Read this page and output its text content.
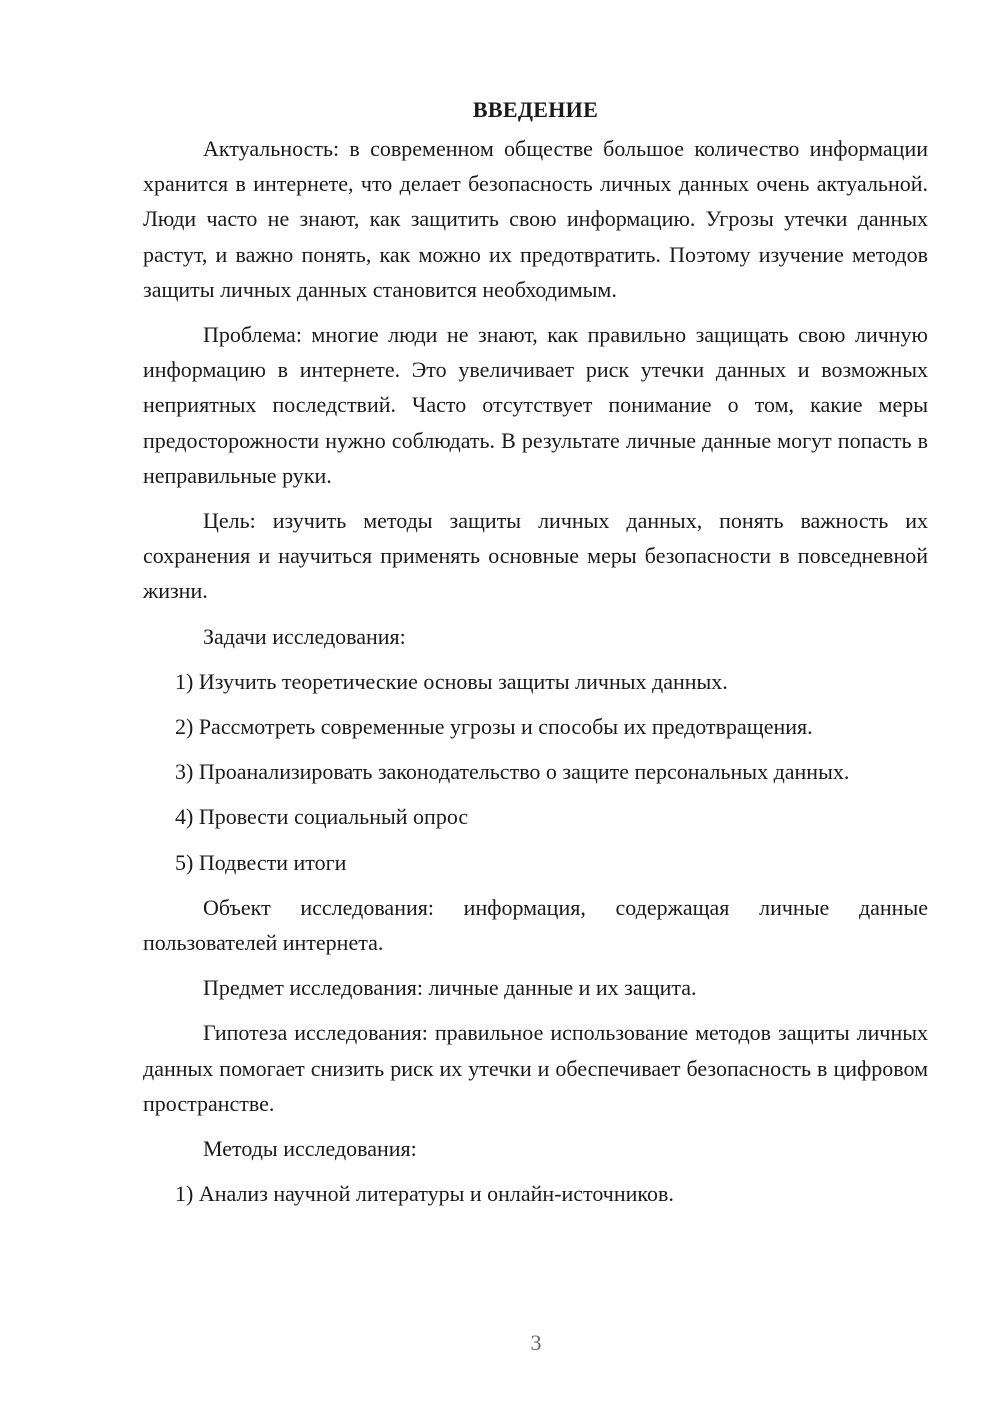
ВВЕДЕНИЕ

Актуальность: в современном обществе большое количество информации хранится в интернете, что делает безопасность личных данных очень актуальной. Люди часто не знают, как защитить свою информацию. Угрозы утечки данных растут, и важно понять, как можно их предотвратить. Поэтому изучение методов защиты личных данных становится необходимым.

Проблема: многие люди не знают, как правильно защищать свою личную информацию в интернете. Это увеличивает риск утечки данных и возможных неприятных последствий. Часто отсутствует понимание о том, какие меры предосторожности нужно соблюдать. В результате личные данные могут попасть в неправильные руки.

Цель: изучить методы защиты личных данных, понять важность их сохранения и научиться применять основные меры безопасности в повседневной жизни.

Задачи исследования:

1) Изучить теоретические основы защиты личных данных.

2) Рассмотреть современные угрозы и способы их предотвращения.

3) Проанализировать законодательство о защите персональных данных.

4) Провести социальный опрос

5) Подвести итоги

Объект исследования: информация, содержащая личные данные пользователей интернета.

Предмет исследования: личные данные и их защита.

Гипотеза исследования: правильное использование методов защиты личных данных помогает снизить риск их утечки и обеспечивает безопасность в цифровом пространстве.

Методы исследования:

1) Анализ научной литературы и онлайн-источников.

3
